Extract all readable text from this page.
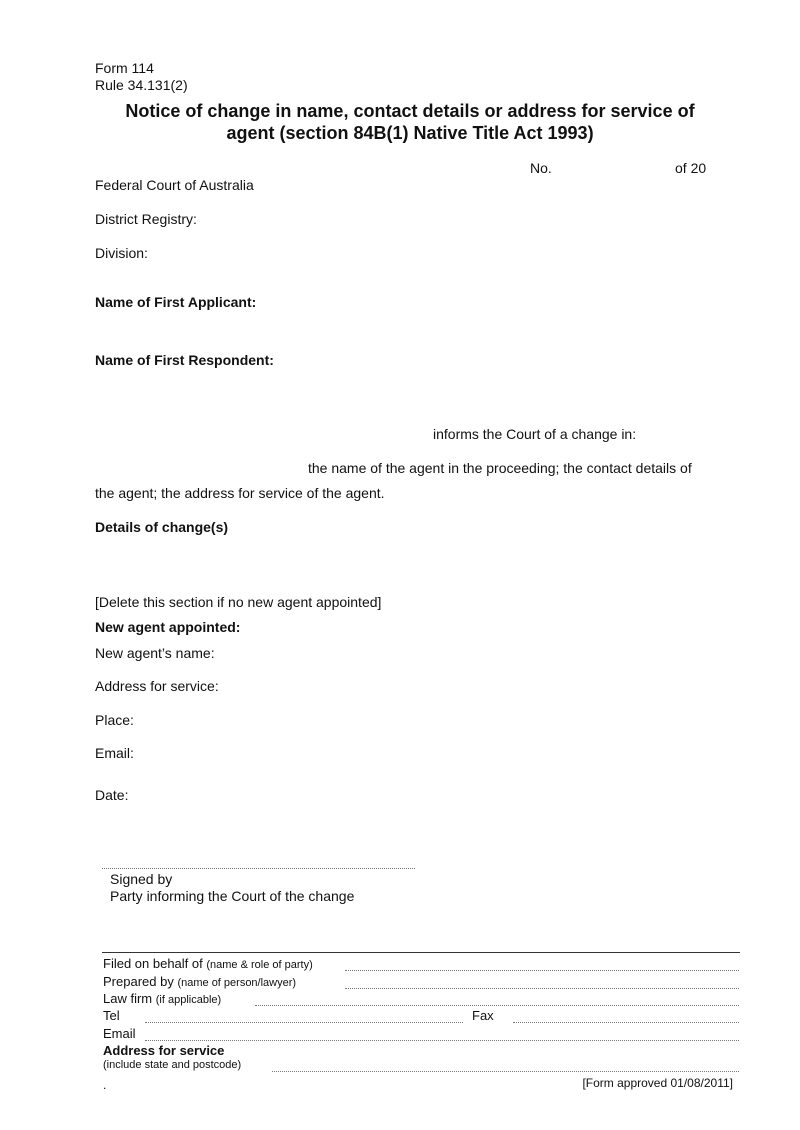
Form 114
Rule 34.131(2)
Notice of change in name, contact details or address for service of
agent (section 84B(1) Native Title Act 1993)
No.	of 20
Federal Court of Australia
District Registry:
Division:
Name of First Applicant:
Name of First Respondent:
informs the Court of a change in:
the name of the agent in the proceeding; the contact details of
the agent; the address for service of the agent.
Details of change(s)
[Delete this section if no new agent appointed]
New agent appointed:
New agent’s name:
Address for service:
Place:
Email:
Date:
Signed by
Party informing the Court of the change
Filed on behalf of (name & role of party)
Prepared by (name of person/lawyer)
Law firm (if applicable)
Tel	Fax
Email
Address for service
(include state and postcode)
.	[Form approved 01/08/2011]
